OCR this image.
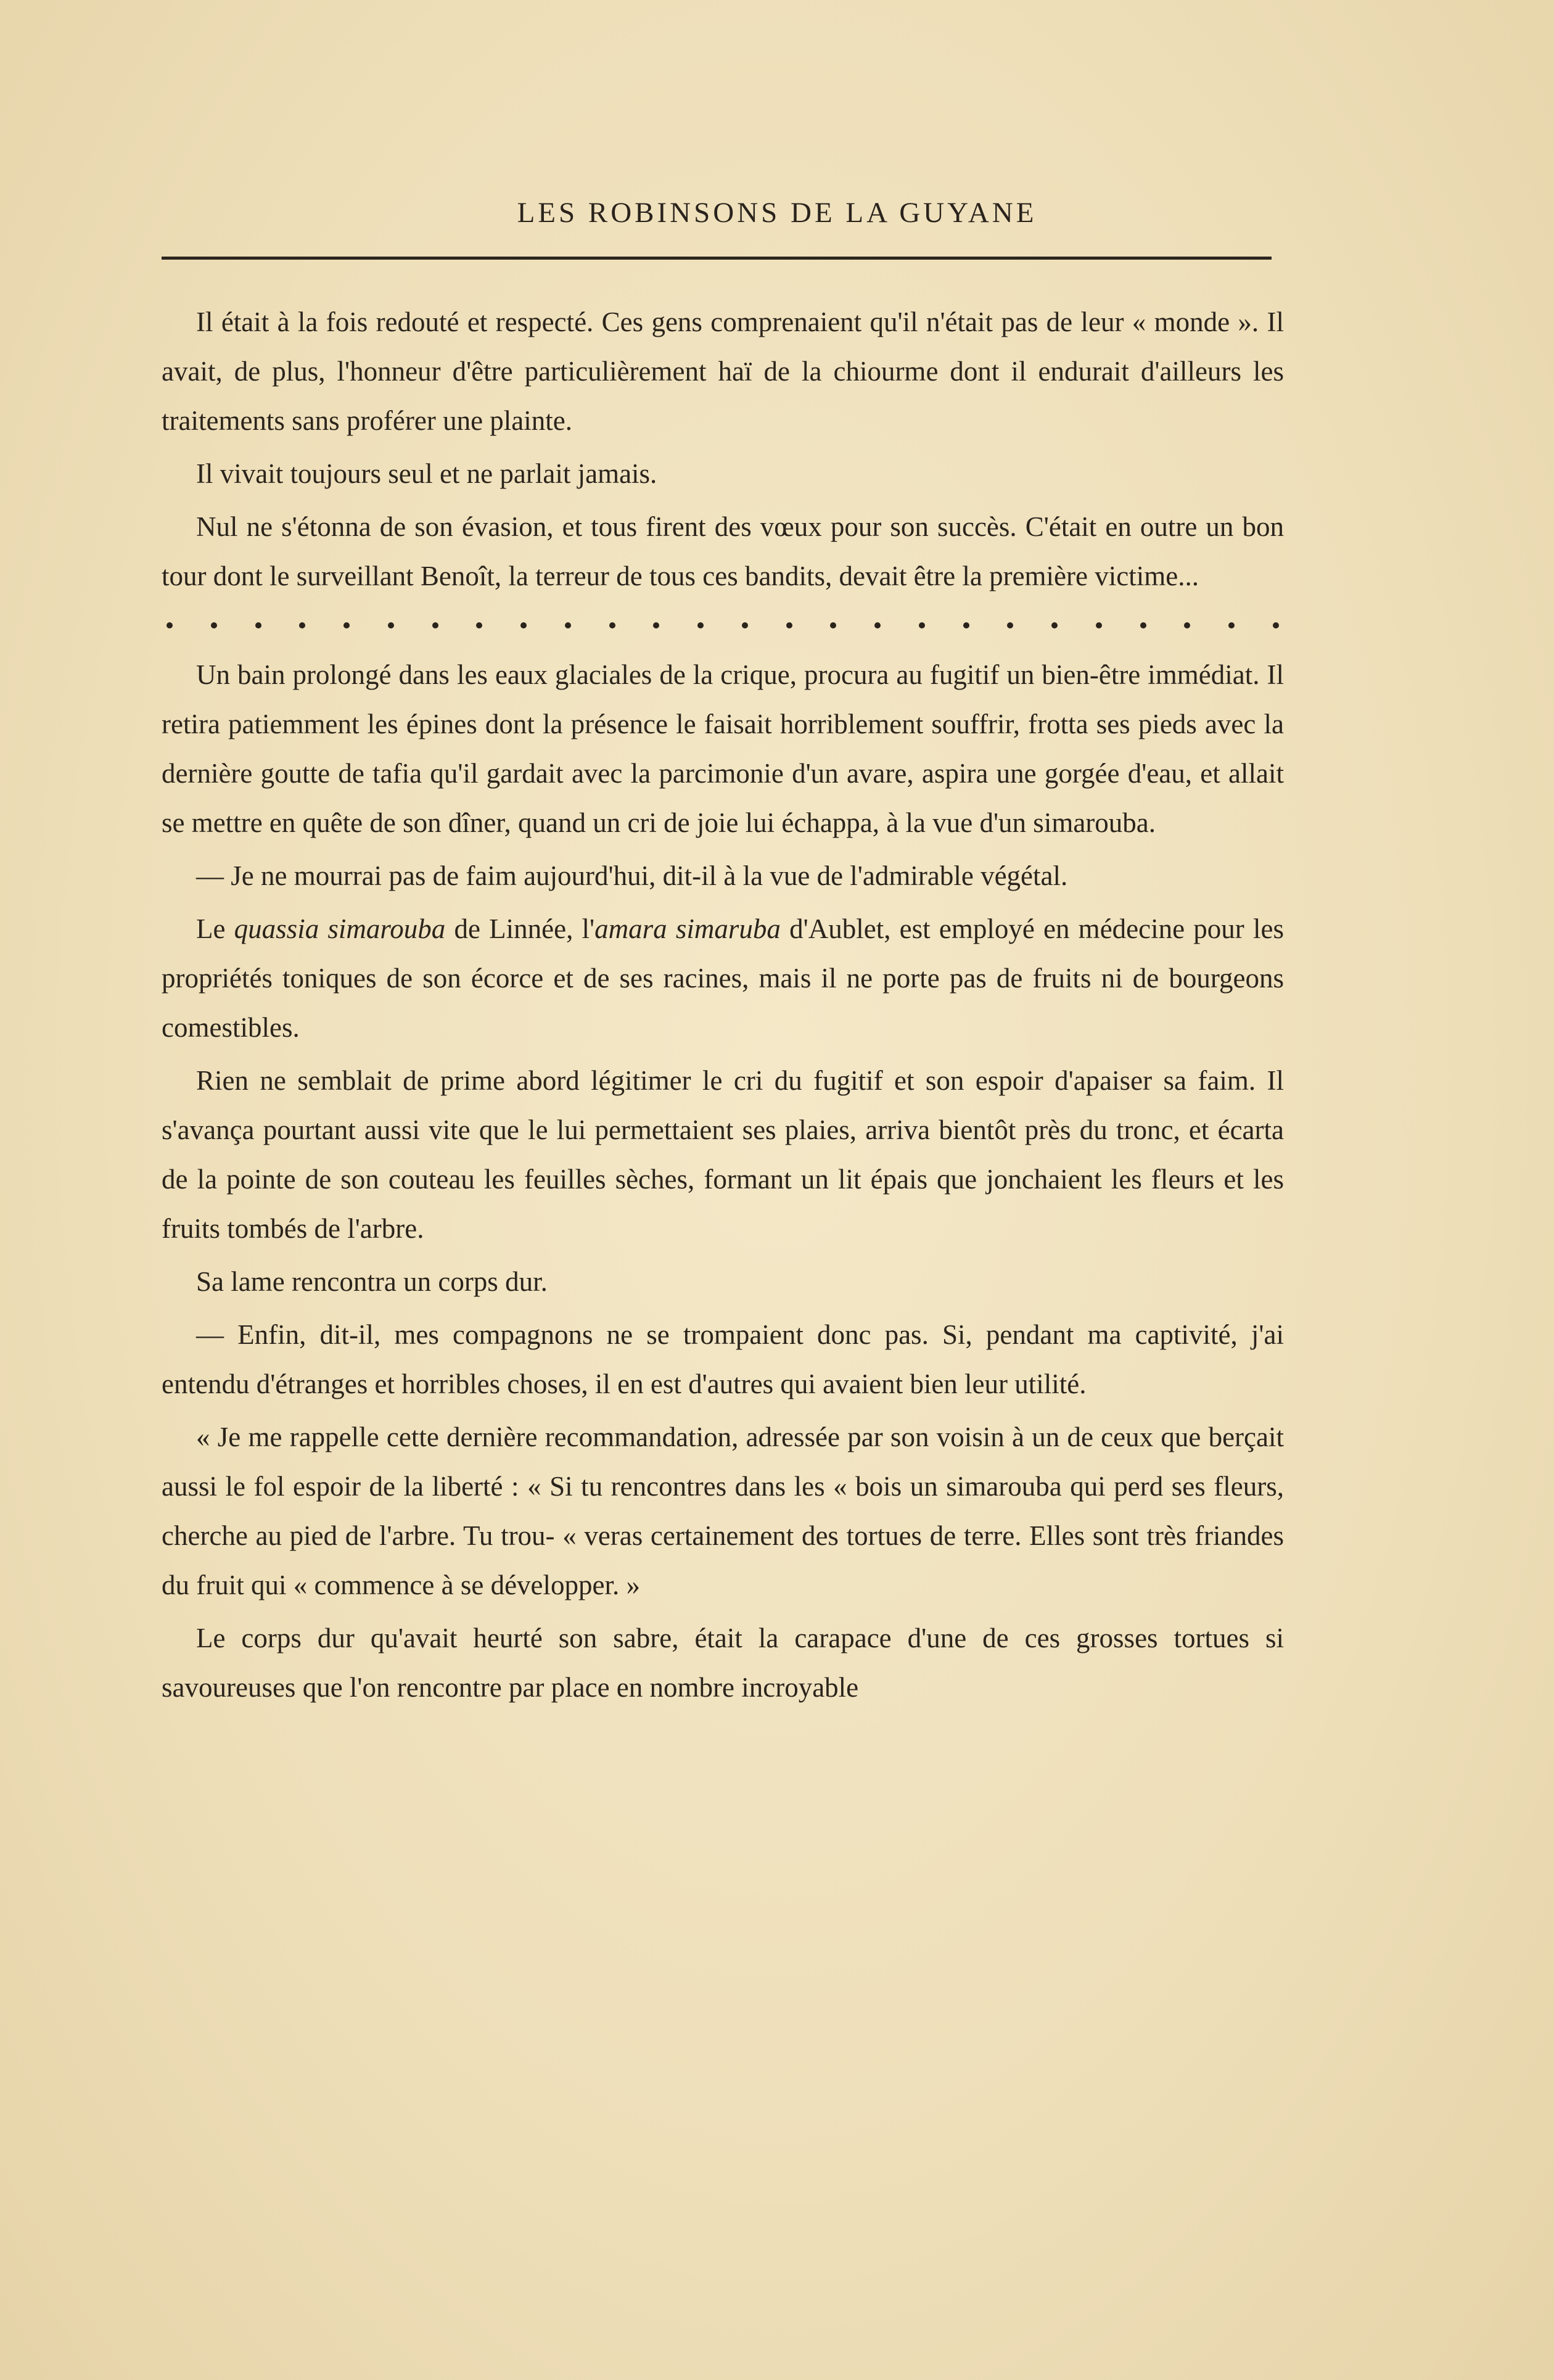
LES ROBINSONS DE LA GUYANE

Il était à la fois redouté et respecté. Ces gens comprenaient qu'il n'était pas de leur « monde ». Il avait, de plus, l'honneur d'être particulièrement haï de la chiourme dont il endurait d'ailleurs les traitements sans proférer une plainte.

Il vivait toujours seul et ne parlait jamais.

Nul ne s'étonna de son évasion, et tous firent des vœux pour son succès. C'était en outre un bon tour dont le surveillant Benoît, la terreur de tous ces bandits, devait être la première victime...

Un bain prolongé dans les eaux glaciales de la crique, procura au fugitif un bien-être immédiat. Il retira patiemment les épines dont la présence le faisait horriblement souffrir, frotta ses pieds avec la dernière goutte de tafia qu'il gardait avec la parcimonie d'un avare, aspira une gorgée d'eau, et allait se mettre en quête de son dîner, quand un cri de joie lui échappa, à la vue d'un simarouba.

— Je ne mourrai pas de faim aujourd'hui, dit-il à la vue de l'admirable végétal.

Le quassia simarouba de Linnée, l'amara simaruba d'Aublet, est employé en médecine pour les propriétés toniques de son écorce et de ses racines, mais il ne porte pas de fruits ni de bourgeons comestibles.

Rien ne semblait de prime abord légitimer le cri du fugitif et son espoir d'apaiser sa faim. Il s'avança pourtant aussi vite que le lui permettaient ses plaies, arriva bientôt près du tronc, et écarta de la pointe de son couteau les feuilles sèches, formant un lit épais que jonchaient les fleurs et les fruits tombés de l'arbre.

Sa lame rencontra un corps dur.

— Enfin, dit-il, mes compagnons ne se trompaient donc pas. Si, pendant ma captivité, j'ai entendu d'étranges et horribles choses, il en est d'autres qui avaient bien leur utilité.

« Je me rappelle cette dernière recommandation, adressée par son voisin à un de ceux que berçait aussi le fol espoir de la liberté : « Si tu rencontres dans les « bois un simarouba qui perd ses fleurs, cherche au pied de l'arbre. Tu trou- « veras certainement des tortues de terre. Elles sont très friandes du fruit qui « commence à se développer. »

Le corps dur qu'avait heurté son sabre, était la carapace d'une de ces grosses tortues si savoureuses que l'on rencontre par place en nombre incroyable
